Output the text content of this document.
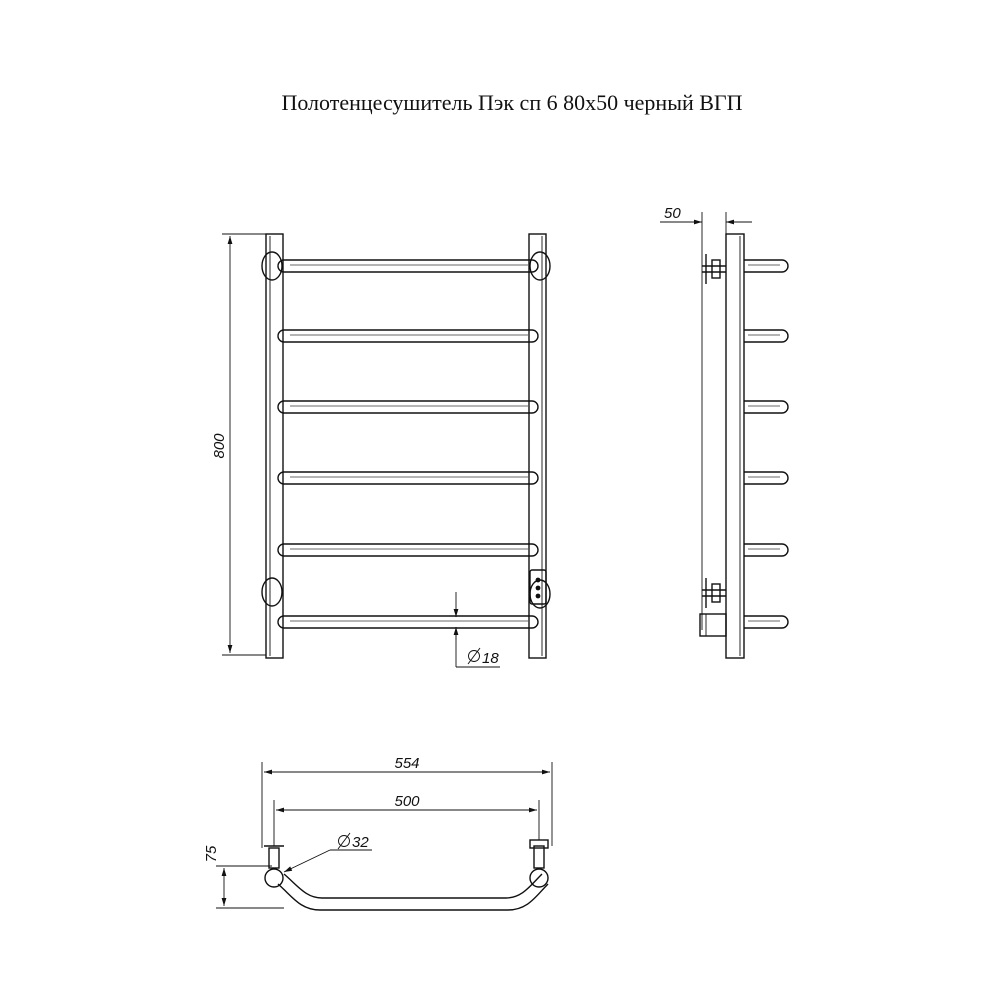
Полотенцесушитель Пэк сп 6 80х50 черный ВГП
800
18
50
554
500
75
32
